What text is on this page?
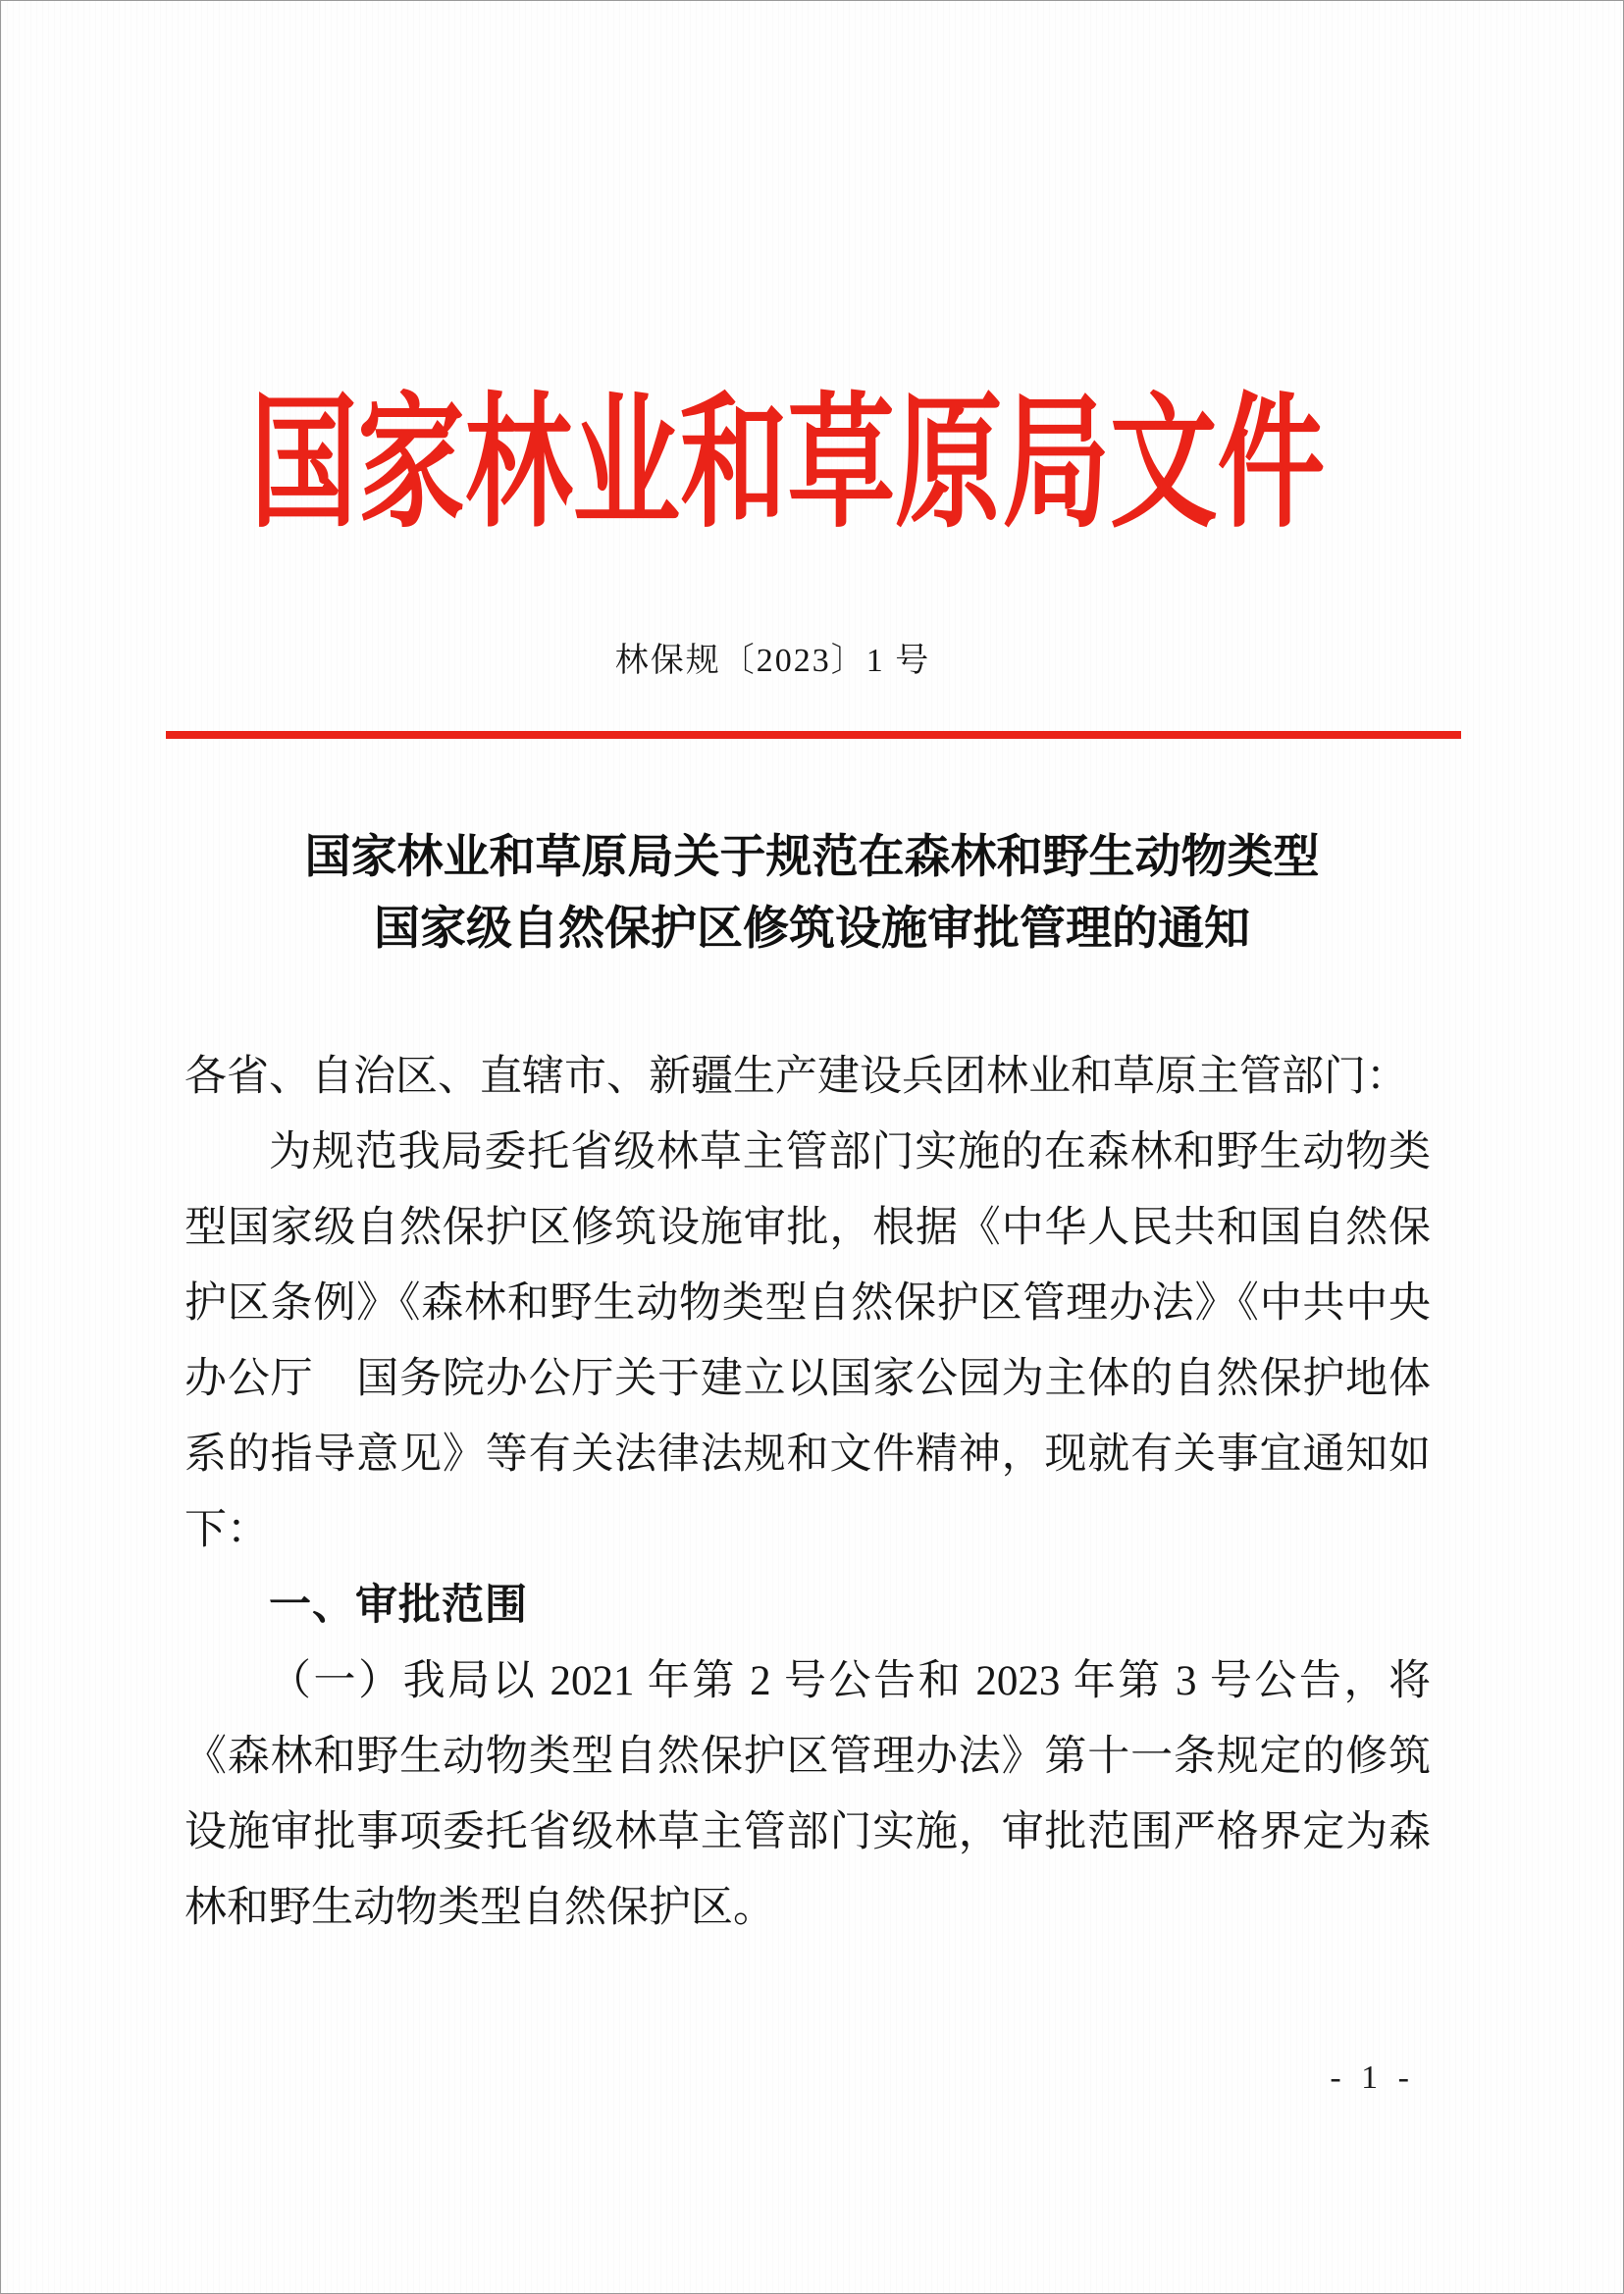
国家林业和草原局文件
林保规〔2023〕1 号
国家林业和草原局关于规范在森林和野生动物类型
国家级自然保护区修筑设施审批管理的通知

各省、自治区、直辖市、新疆生产建设兵团林业和草原主管部门：

为规范我局委托省级林草主管部门实施的在森林和野生动物类型国家级自然保护区修筑设施审批，根据《中华人民共和国自然保护区条例》《森林和野生动物类型自然保护区管理办法》《中共中央办公厅　国务院办公厅关于建立以国家公园为主体的自然保护地体系的指导意见》等有关法律法规和文件精神，现就有关事宜通知如下：

一、审批范围

（一）我局以 2021 年第 2 号公告和 2023 年第 3 号公告，将《森林和野生动物类型自然保护区管理办法》第十一条规定的修筑设施审批事项委托省级林草主管部门实施，审批范围严格界定为森林和野生动物类型自然保护区。

- 1 -
